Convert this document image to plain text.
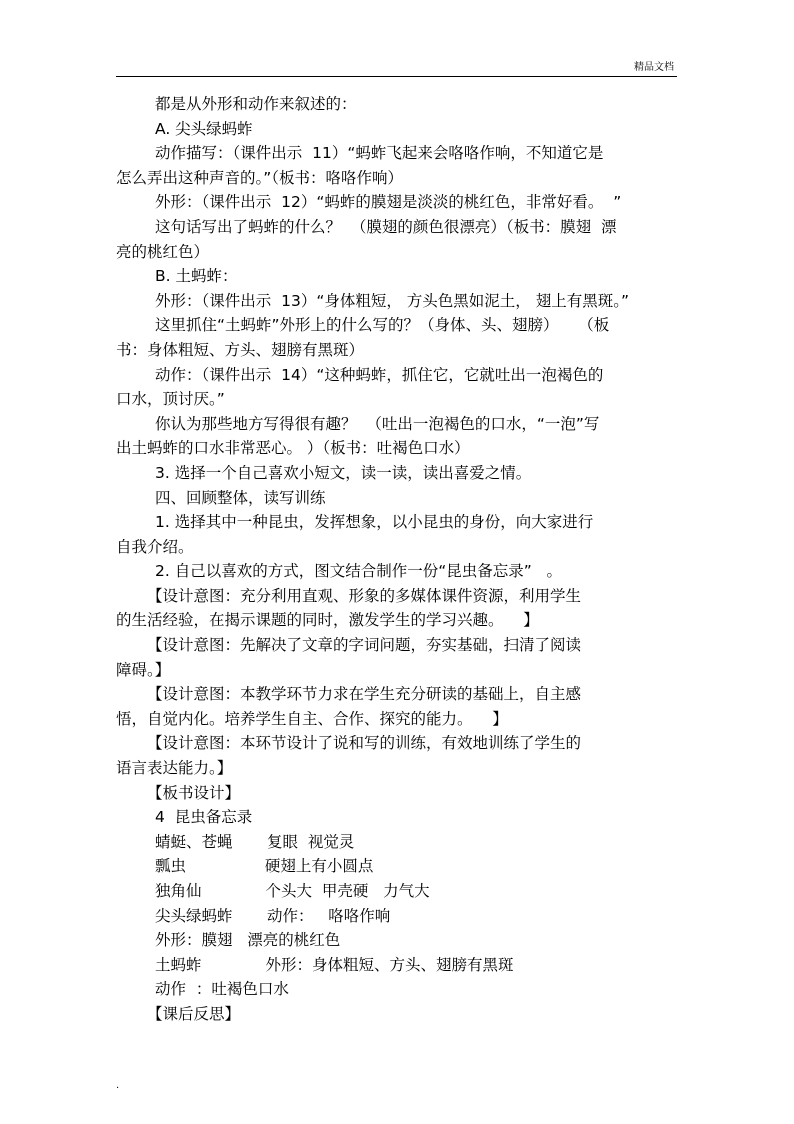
精品文档
都是从外形和动作来叙述的：
A. 尖头绿蚂蚱
动作描写：（课件出示  11）“蚂蚱飞起来会咯咯作响，不知道它是
怎么弄出这种声音的。”（板书：咯咯作响）
外形：（课件出示  12）“蚂蚱的膜翅是淡淡的桃红色，非常好看。  ”
这句话写出了蚂蚱的什么？  （膜翅的颜色很漂亮）（板书：膜翅  漂
亮的桃红色）
B. 土蚂蚱：
外形：（课件出示  13）“身体粗短， 方头色黑如泥土， 翅上有黑斑。”
这里抓住“土蚂蚱”外形上的什么写的？（身体、头、翅膀）    （板
书：身体粗短、方头、翅膀有黑斑）
动作：（课件出示  14）“这种蚂蚱，抓住它，它就吐出一泡褐色的
口水，顶讨厌。”
你认为那些地方写得很有趣？  （吐出一泡褐色的口水，“一泡”写
出土蚂蚱的口水非常恶心。 ）（板书：吐褐色口水）
3. 选择一个自己喜欢小短文，读一读，读出喜爱之情。
四、回顾整体，读写训练
1. 选择其中一种昆虫，发挥想象，以小昆虫的身份，向大家进行
自我介绍。
2. 自己以喜欢的方式，图文结合制作一份“昆虫备忘录”   。
【设计意图：充分利用直观、形象的多媒体课件资源，利用学生
的生活经验，在揭示课题的同时，激发学生的学习兴趣。    】
【设计意图：先解决了文章的字词问题，夯实基础，扫清了阅读
障碍。】
【设计意图：本教学环节力求在学生充分研读的基础上，自主感
悟，自觉内化。培养学生自主、合作、探究的能力。    】
【设计意图：本环节设计了说和写的训练，有效地训练了学生的
语言表达能力。】
【板书设计】
4  昆虫备忘录
蜻蜓、苍蝇       复眼  视觉灵
瓢虫                硬翅上有小圆点
独角仙             个头大  甲壳硬   力气大
尖头绿蚂蚱       动作：   咯咯作响
外形：膜翅   漂亮的桃红色
土蚂蚱             外形：身体粗短、方头、翅膀有黑斑
动作  ：吐褐色口水
【课后反思】
.
